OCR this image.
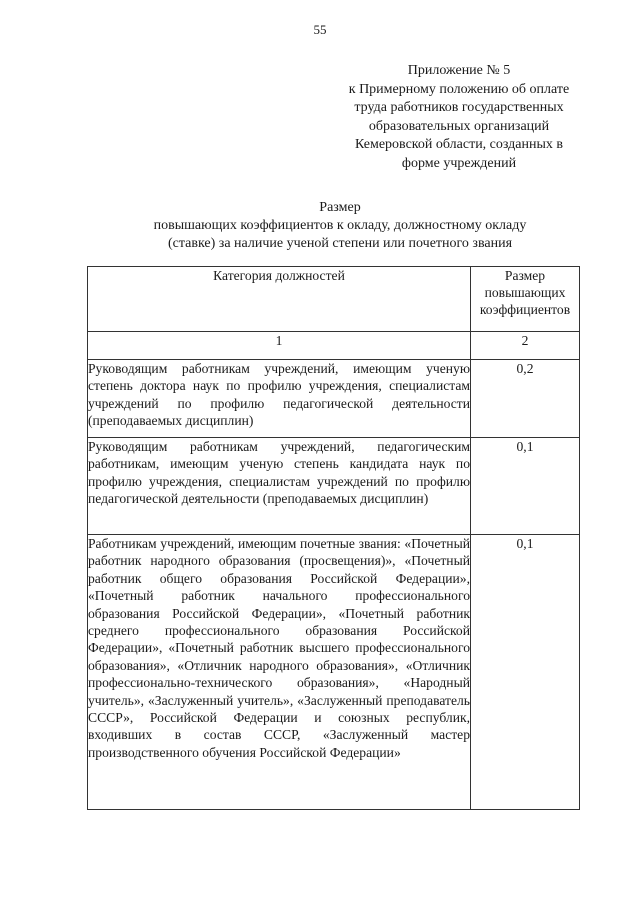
55
Приложение № 5
к Примерному положению об оплате
труда работников государственных
образовательных организаций
Кемеровской области, созданных в
форме учреждений
Размер
повышающих коэффициентов к окладу, должностному окладу
(ставке) за наличие ученой степени или почетного звания
Категория должностей	Размер повышающих коэффициентов
1	2
Руководящим работникам учреждений, имеющим ученую степень доктора наук по профилю учреждения, специалистам учреждений по профилю педагогической деятельности (преподаваемых дисциплин)	0,2
Руководящим работникам учреждений, педагогическим работникам, имеющим ученую степень кандидата наук по профилю учреждения, специалистам учреждений по профилю педагогической деятельности (преподаваемых дисциплин)	0,1
Работникам учреждений, имеющим почетные звания: «Почетный работник народного образования (просвещения)», «Почетный работник общего образования Российской Федерации», «Почетный работник начального профессионального образования Российской Федерации», «Почетный работник среднего профессионального образования Российской Федерации», «Почетный работник высшего профессионального образования», «Отличник народного образования», «Отличник профессионально-технического образования», «Народный учитель», «Заслуженный учитель», «Заслуженный преподаватель СССР», Российской Федерации и союзных республик, входивших в состав СССР, «Заслуженный мастер производственного обучения Российской Федерации»	0,1
